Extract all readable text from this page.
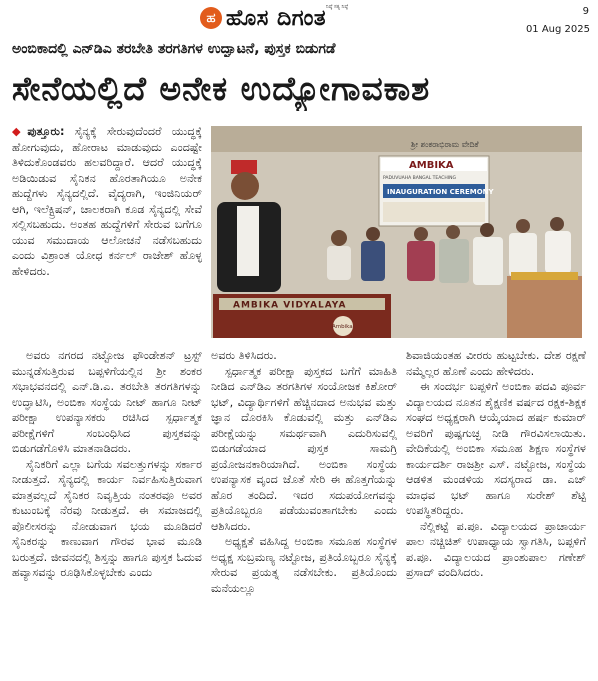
ಹ ಹೊಸ ದಿಗಂತ ನಿಷ್ಠೆ ಸತ್ಯ ನಿಷ್ಠೆ	9
01 Aug 2025
ಅಂಬಿಕಾದಲ್ಲಿ ಎನ್‌ಡಿಎ ತರಬೇತಿ ತರಗತಿಗಳ ಉದ್ಘಾಟನೆ, ಪುಸ್ತಕ ಬಿಡುಗಡೆ
ಸೇನೆಯಲ್ಲಿದೆ ಅನೇಕ ಉದ್ಯೋಗಾವಕಾಶ
ಶ್ರೀ ಶಂಕರಾಭಿರಾಮ ವೇದಿಕೆ
AMBIKA
PADUVUAHA BANGAL TEACHING
INAUGURATION CEREMONY
AMBIKA VIDYALAYA
Ambika

◆ಪುತ್ತೂರು: ಸೈನ್ಯಕ್ಕೆ ಸೇರುವುದೆಂದರೆ ಯುದ್ಧಕ್ಕೆ ಹೋಗುವುದು, ಹೋರಾಟ ಮಾಡುವುದು ಎಂದಷ್ಟೇ ತಿಳಿದುಕೊಂಡವರು ಹಲವರಿದ್ದಾರೆ. ಆದರೆ ಯುದ್ಧಕ್ಕೆ ಅಡಿಯಿಡುವ ಸೈನಿಕನ ಹೊರತಾಗಿಯೂ ಅನೇಕ ಹುದ್ದೆಗಳು ಸೈನ್ಯದಲ್ಲಿದೆ. ವೈದ್ಯರಾಗಿ, ಇಂಜಿನಿಯರ್ ಆಗಿ, ಇಲೆಕ್ಟ್ರಿಷನ್, ಚಾಲಕರಾಗಿ ಕೂಡ ಸೈನ್ಯದಲ್ಲಿ ಸೇವೆ ಸಲ್ಲಿಸಬಹುದು. ಅಂತಹ ಹುದ್ದೆಗಳಿಗೆ ಸೇರುವ ಬಗೆಗೂ ಯುವ ಸಮುದಾಯ ಆಲೋಚನೆ ನಡೆಸಬಹುದು ಎಂದು ವಿಶ್ರಾಂತ ಯೋಧ ಕರ್ನಲ್ ರಾಜೇಶ್ ಹೊಳ್ಳ ಹೇಳಿದರು.

ಅವರು ನಗರದ ನಟ್ಟೋಜ ಫೌಂಡೇಶನ್ ಟ್ರಸ್ಟ್ ಮುನ್ನಡೆಸುತ್ತಿರುವ ಬಪ್ಪಳಿಗೆಯಲ್ಲಿನ ಶ್ರೀ ಶಂಕರ ಸಭಾಭವನದಲ್ಲಿ ಎನ್.ಡಿ.ಎ. ತರಬೇತಿ ತರಗತಿಗಳನ್ನು ಉದ್ಘಾಟಿಸಿ, ಅಂಬಿಕಾ ಸಂಸ್ಥೆಯ ನೀಟ್ ಹಾಗೂ ನೀಟ್ ಪರೀಕ್ಷಾ ಉಪನ್ಯಾಸಕರು ರಚಿಸಿದ ಸ್ಪರ್ಧಾತ್ಮಕ ಪರೀಕ್ಷೆಗಳಿಗೆ ಸಂಬಂಧಿಸಿದ ಪುಸ್ತಕವನ್ನು ಬಿಡುಗಡೆಗೊಳಿಸಿ ಮಾತನಾಡಿದರು.

ಸೈನಿಕರಿಗೆ ಎಲ್ಲಾ ಬಗೆಯ ಸವಲತ್ತುಗಳನ್ನು ಸರ್ಕಾರ ನೀಡುತ್ತದೆ. ಸೈನ್ಯದಲ್ಲಿ ಕಾರ್ಯ ನಿರ್ವಹಿಸುತ್ತಿರುವಾಗ ಮಾತ್ರವಲ್ಲದೆ ಸೈನಿಕರ ನಿವೃತ್ತಿಯ ನಂತರವೂ ಅವರ ಕುಟುಂಬಕ್ಕೆ ನೆರವು ನೀಡುತ್ತದೆ. ಈ ಸಮಾಜದಲ್ಲಿ ಪೊಲೀಸರನ್ನು ನೋಡುವಾಗ ಭಯ ಮೂಡಿದರೆ ಸೈನಿಕರನ್ನು ಕಾಣುವಾಗ ಗೌರವ ಭಾವ ಮೂಡಿ ಬರುತ್ತದೆ. ಜೀವನದಲ್ಲಿ ಶಿಸ್ತನ್ನು ಹಾಗೂ ಪುಸ್ತಕ ಓದುವ ಹವ್ಯಾಸವನ್ನು ರೂಢಿಸಿಕೊಳ್ಳಬೇಕು ಎಂದು

ಅವರು ತಿಳಿಸಿದರು.

ಸ್ಪರ್ಧಾತ್ಮಕ ಪರೀಕ್ಷಾ ಪುಸ್ತಕದ ಬಗೆಗೆ ಮಾಹಿತಿ ನೀಡಿದ ಎನ್‌ಡಿಎ ತರಗತಿಗಳ ಸಂಯೋಜಕ ಕಿಶೋರ್ ಭಟ್, ವಿದ್ಯಾರ್ಥಿಗಳಿಗೆ ಹೆಚ್ಚಿನದಾದ ಅನುಭವ ಮತ್ತು ಜ್ಞಾನ ದೊರಕಿಸಿ ಕೊಡುವಲ್ಲಿ ಮತ್ತು ಎನ್‌ಡಿಎ ಪರೀಕ್ಷೆಯನ್ನು ಸಮರ್ಥವಾಗಿ ಎದುರಿಸುವಲ್ಲಿ ಬಿಡುಗಡೆಯಾದ ಪುಸ್ತಕ ಸಾಮಗ್ರಿ ಪ್ರಯೋಜನಕಾರಿಯಾಗಿದೆ. ಅಂಬಿಕಾ ಸಂಸ್ಥೆಯ ಉಪನ್ಯಾಸಕ ವೃಂದ ಜೊತೆ ಸೇರಿ ಈ ಹೊತ್ತಗೆಯನ್ನು ಹೊರ ತಂದಿದೆ. ಇದರ ಸದುಪಯೋಗವನ್ನು ಪ್ರತಿಯೊಬ್ಬರೂ ಪಡೆಯುವಂತಾಗಬೇಕು ಎಂದು ಆಶಿಸಿದರು.

ಅಧ್ಯಕ್ಷತೆ ವಹಿಸಿದ್ದ ಅಂಬಿಕಾ ಸಮೂಹ ಸಂಸ್ಥೆಗಳ ಅಧ್ಯಕ್ಷ ಸುಬ್ರಮಣ್ಯ ನಟ್ಟೋಜ, ಪ್ರತಿಯೊಬ್ಬರೂ ಸೈನ್ಯಕ್ಕೆ ಸೇರುವ ಪ್ರಯತ್ನ ನಡೆಸಬೇಕು. ಪ್ರತಿಯೊಂದು ಮನೆಯಲ್ಲೂ

ಶಿವಾಜಿಯಂತಹ ವೀರರು ಹುಟ್ಟಬೇಕು. ದೇಶ ರಕ್ಷಣೆ ನಮ್ಮೆಲ್ಲರ ಹೊಣೆ ಎಂದು ಹೇಳಿದರು.

ಈ ಸಂದರ್ಭ ಬಪ್ಪಳಿಗೆ ಅಂಬಿಕಾ ಪದವಿ ಪೂರ್ವ ವಿದ್ಯಾಲಯದ ನೂತನ ಶೈಕ್ಷಣಿಕ ವರ್ಷದ ರಕ್ಷಕ-ಶಿಕ್ಷಕ ಸಂಘದ ಅಧ್ಯಕ್ಷರಾಗಿ ಆಯ್ಕೆಯಾದ ಹರ್ಷ ಕುಮಾರ್ ಅವರಿಗೆ ಪುಷ್ಪಗುಚ್ಛ ನೀಡಿ ಗೌರವಿಸಲಾಯಿತು. ವೇದಿಕೆಯಲ್ಲಿ ಅಂಬಿಕಾ ಸಮೂಹ ಶಿಕ್ಷಣ ಸಂಸ್ಥೆಗಳ ಕಾರ್ಯದರ್ಶಿ ರಾಜಶ್ರೀ ಎಸ್. ನಟ್ಟೋಜ, ಸಂಸ್ಥೆಯ ಆಡಳಿತ ಮಂಡಳಿಯ ಸದಸ್ಯರಾದ ಡಾ. ಎಚ್ ಮಾಧವ ಭಟ್ ಹಾಗೂ ಸುರೇಶ್ ಶೆಟ್ಟಿ ಉಪಸ್ಥಿತರಿದ್ದರು.

ನೆಲ್ಲಿಕಟ್ಟೆ ಪ.ಪೂ. ವಿದ್ಯಾಲಯದ ಪ್ರಾಚಾರ್ಯ ಪಾಲ ನಚ್ಚಿಚಿತ್ ಉಪಾಧ್ಯಾಯ ಸ್ವಾಗತಿಸಿ, ಬಪ್ಪಳಿಗೆ ಪ.ಪೂ. ವಿದ್ಯಾಲಯದ ಪ್ರಾಂಶುಪಾಲ ಗಣೇಶ್ ಪ್ರಸಾದ್ ವಂದಿಸಿದರು.
